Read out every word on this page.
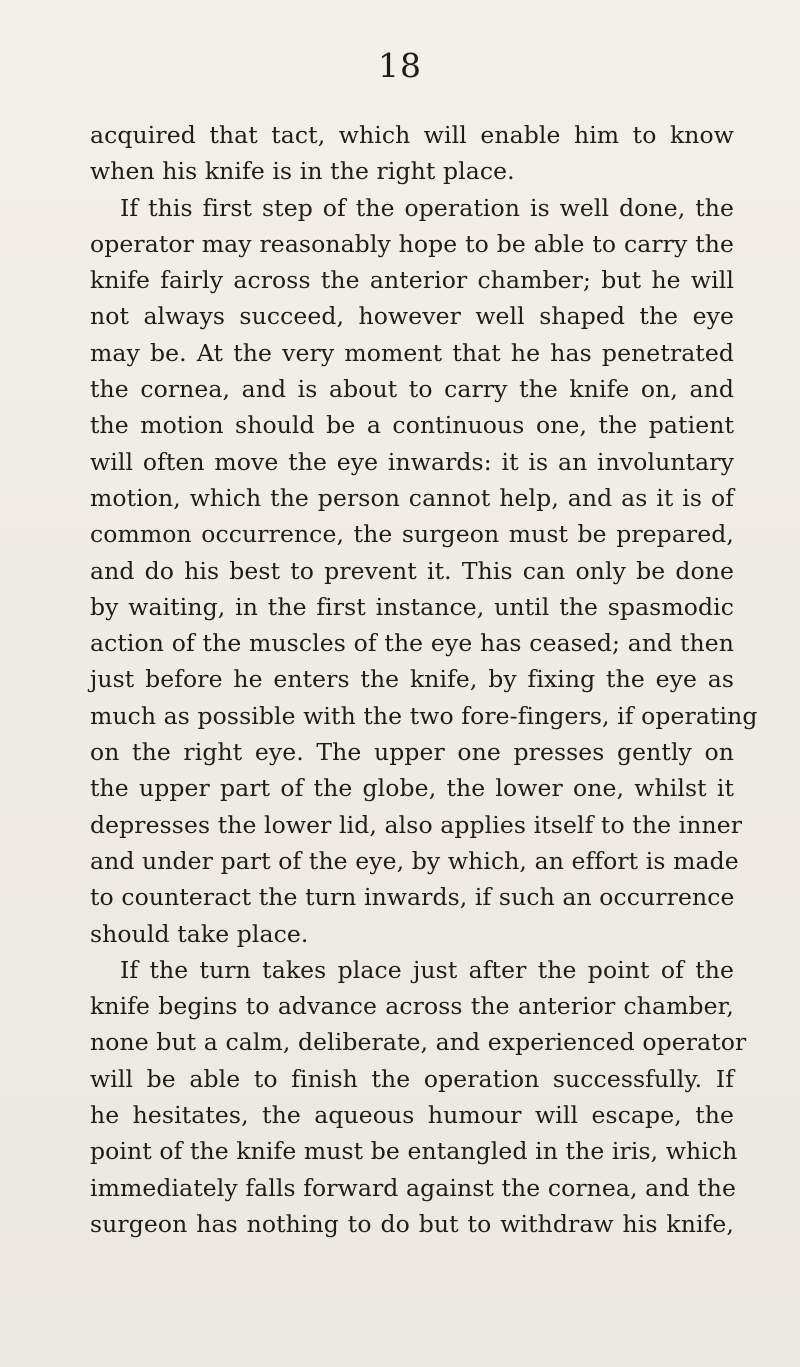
18
acquired that tact, which will enable him to know
when his knife is in the right place.
If this first step of the operation is well done, the
operator may reasonably hope to be able to carry the
knife fairly across the anterior chamber; but he will
not always succeed, however well shaped the eye
may be. At the very moment that he has penetrated
the cornea, and is about to carry the knife on, and
the motion should be a continuous one, the patient
will often move the eye inwards: it is an involuntary
motion, which the person cannot help, and as it is of
common occurrence, the surgeon must be prepared,
and do his best to prevent it. This can only be done
by waiting, in the first instance, until the spasmodic
action of the muscles of the eye has ceased; and then
just before he enters the knife, by fixing the eye as
much as possible with the two fore-fingers, if operating
on the right eye. The upper one presses gently on
the upper part of the globe, the lower one, whilst it
depresses the lower lid, also applies itself to the inner
and under part of the eye, by which, an effort is made
to counteract the turn inwards, if such an occurrence
should take place.
If the turn takes place just after the point of the
knife begins to advance across the anterior chamber,
none but a calm, deliberate, and experienced operator
will be able to finish the operation successfully. If
he hesitates, the aqueous humour will escape, the
point of the knife must be entangled in the iris, which
immediately falls forward against the cornea, and the
surgeon has nothing to do but to withdraw his knife,
